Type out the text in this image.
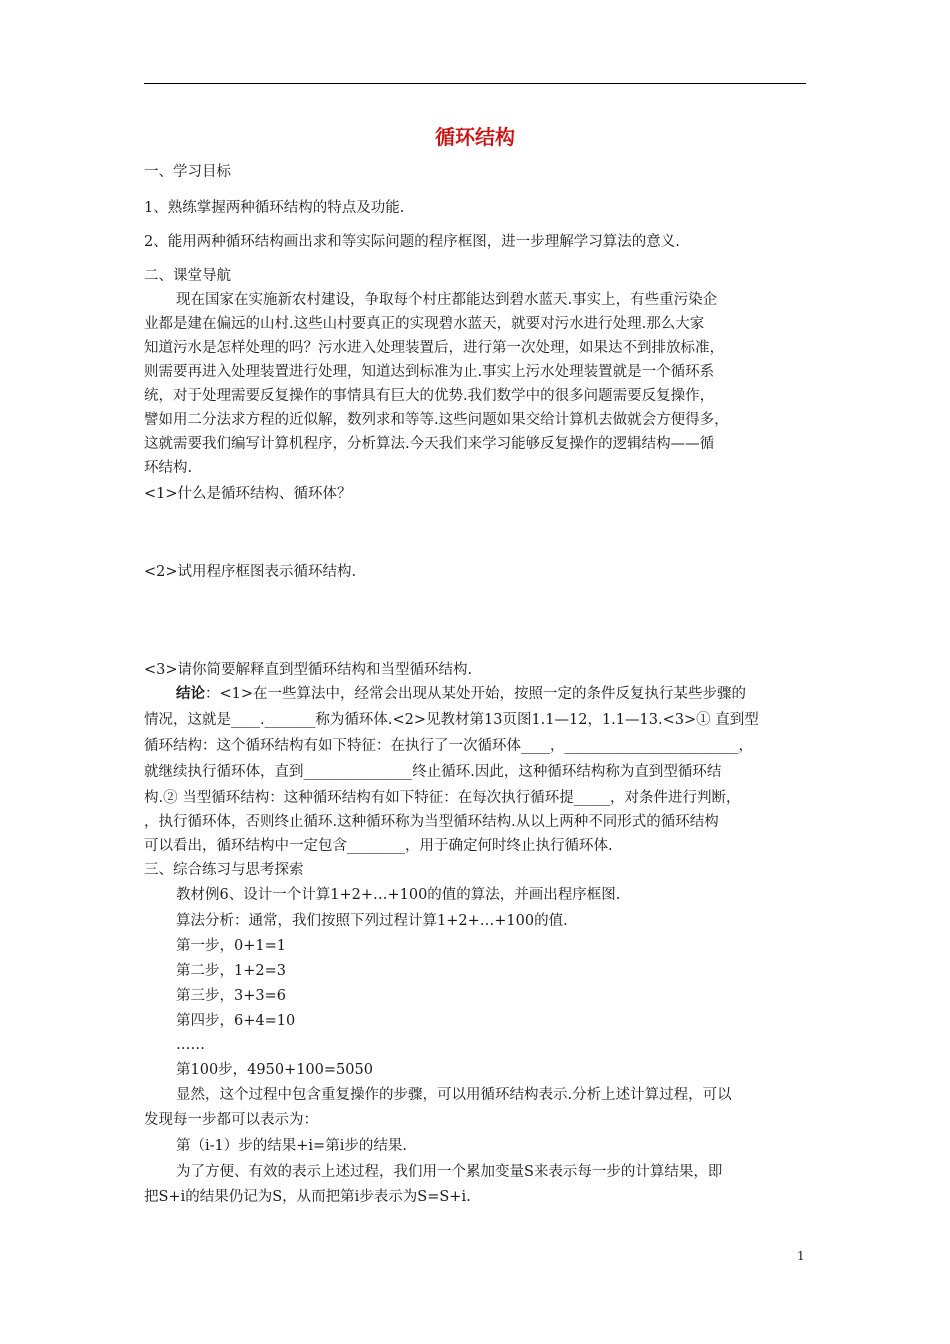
循环结构
一、学习目标
1、熟练掌握两种循环结构的特点及功能.
2、能用两种循环结构画出求和等实际问题的程序框图，进一步理解学习算法的意义.
二、课堂导航
现在国家在实施新农村建设，争取每个村庄都能达到碧水蓝天.事实上，有些重污染企
业都是建在偏远的山村.这些山村要真正的实现碧水蓝天，就要对污水进行处理.那么大家
知道污水是怎样处理的吗？污水进入处理装置后，进行第一次处理，如果达不到排放标准，
则需要再进入处理装置进行处理，知道达到标准为止.事实上污水处理装置就是一个循环系
统，对于处理需要反复操作的事情具有巨大的优势.我们数学中的很多问题需要反复操作，
譬如用二分法求方程的近似解，数列求和等等.这些问题如果交给计算机去做就会方便得多，
这就需要我们编写计算机程序，分析算法.今天我们来学习能够反复操作的逻辑结构——循
环结构.
<1>什么是循环结构、循环体？
<2>试用程序框图表示循环结构.
<3>请你简要解释直到型循环结构和当型循环结构.
结论：<1>在一些算法中，经常会出现从某处开始，按照一定的条件反复执行某些步骤的
情况，这就是____._______称为循环体.<2>见教材第13页图1.1—12，1.1—13.<3>① 直到型
循环结构：这个循环结构有如下特征：在执行了一次循环体____，________________________，
就继续执行循环体，直到_______________终止循环.因此，这种循环结构称为直到型循环结
构.② 当型循环结构：这种循环结构有如下特征：在每次执行循环提_____，对条件进行判断，
，执行循环体，否则终止循环.这种循环称为当型循环结构.从以上两种不同形式的循环结构
可以看出，循环结构中一定包含________，用于确定何时终止执行循环体.
三、综合练习与思考探索
教材例6、设计一个计算1+2+…+100的值的算法，并画出程序框图.
算法分析：通常，我们按照下列过程计算1+2+…+100的值.
第一步，0+1=1
第二步，1+2=3
第三步，3+3=6
第四步，6+4=10
……
第100步，4950+100=5050
显然，这个过程中包含重复操作的步骤，可以用循环结构表示.分析上述计算过程，可以
发现每一步都可以表示为：
第（i-1）步的结果+i=第i步的结果.
为了方便、有效的表示上述过程，我们用一个累加变量S来表示每一步的计算结果，即
把S+i的结果仍记为S，从而把第i步表示为S=S+i.
1
